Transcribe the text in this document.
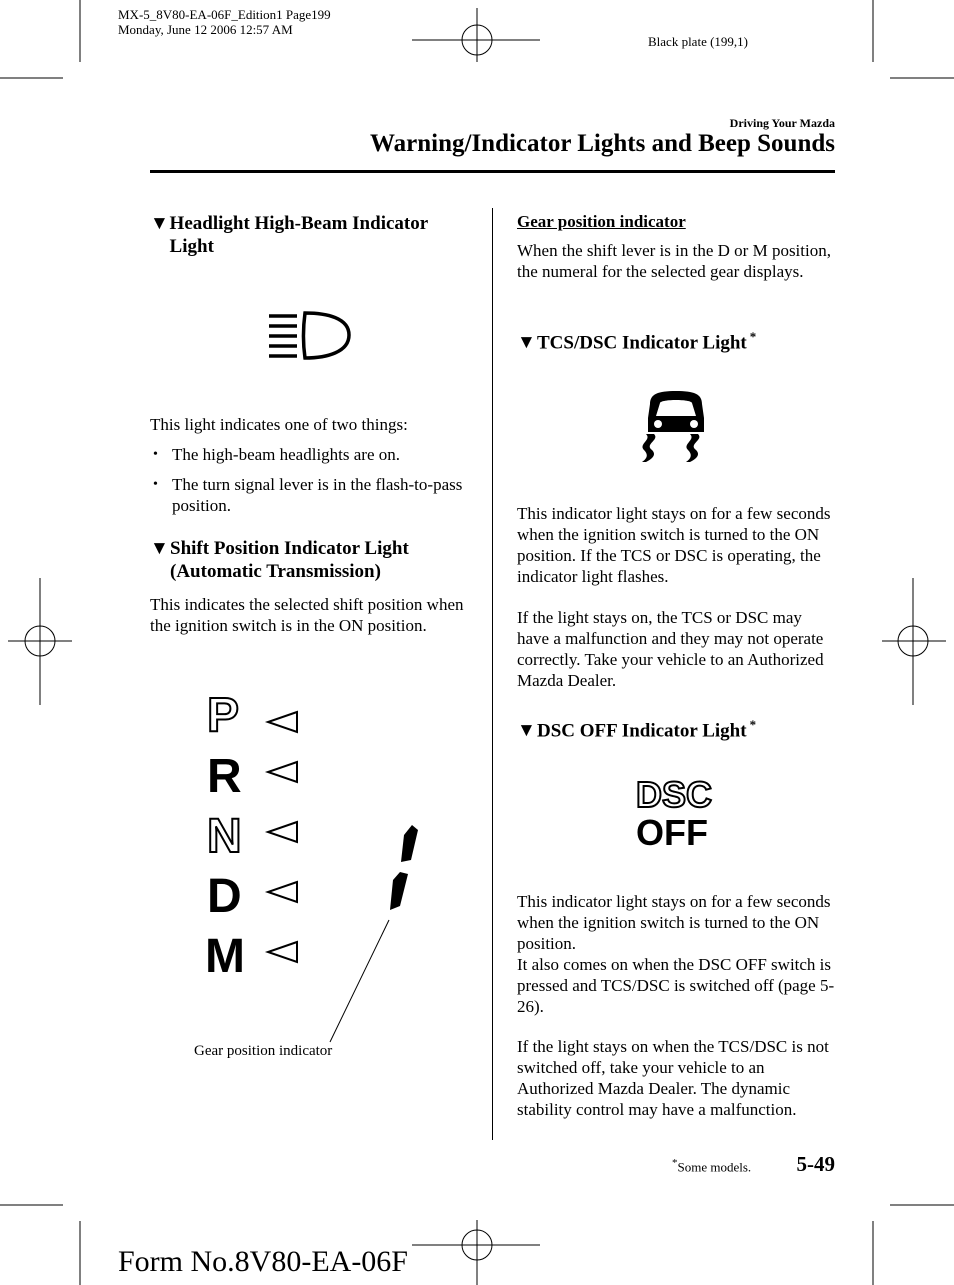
MX-5_8V80-EA-06F_Edition1 Page199
Monday, June 12 2006 12:57 AM
Black plate (199,1)
Driving Your Mazda
Warning/Indicator Lights and Beep Sounds
▼ Headlight High-Beam Indicator Light
This light indicates one of two things:
• The high-beam headlights are on.
• The turn signal lever is in the flash-to-pass position.
▼ Shift Position Indicator Light
(Automatic Transmission)
This indicates the selected shift position when the ignition switch is in the ON position.
P
R
N
D
M
Gear position indicator
Gear position indicator
When the shift lever is in the D or M position, the numeral for the selected gear displays.
▼TCS/DSC Indicator Light *
This indicator light stays on for a few seconds when the ignition switch is turned to the ON position. If the TCS or DSC is operating, the indicator light flashes.
If the light stays on, the TCS or DSC may have a malfunction and they may not operate correctly. Take your vehicle to an Authorized Mazda Dealer.
▼DSC OFF Indicator Light *
DSC
OFF
This indicator light stays on for a few seconds when the ignition switch is turned to the ON position.
It also comes on when the DSC OFF switch is pressed and TCS/DSC is switched off (page 5-26).
If the light stays on when the TCS/DSC is not switched off, take your vehicle to an Authorized Mazda Dealer. The dynamic stability control may have a malfunction.
*Some models. 5-49
Form No.8V80-EA-06F
